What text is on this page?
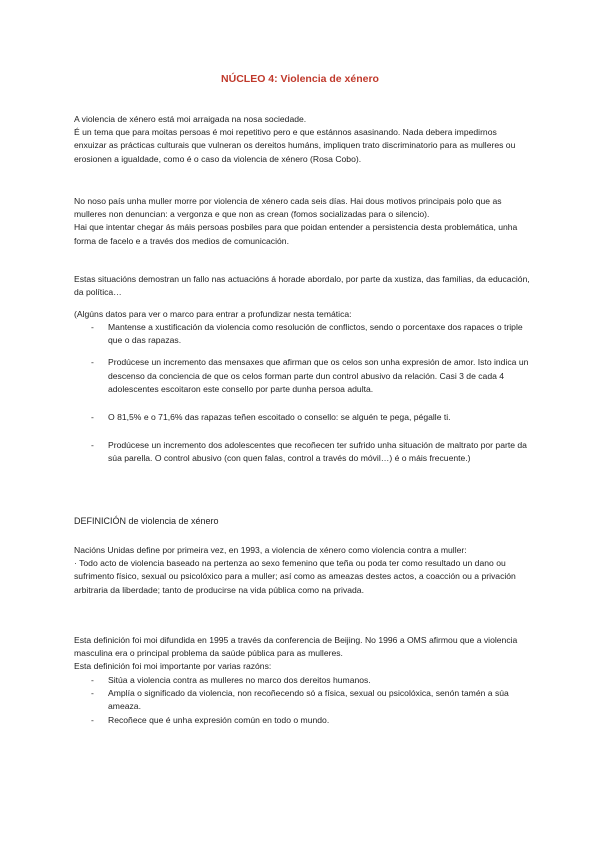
NÚCLEO 4: Violencia de xénero

A violencia de xénero está moi arraigada na nosa sociedade.

É un tema que para moitas persoas é moi repetitivo pero e que estánnos asasinando. Nada debera impedirnos enxuizar as prácticas culturais que vulneran os dereitos humáns, impliquen trato discriminatorio para as mulleres ou erosionen a igualdade, como é o caso da violencia de xénero (Rosa Cobo).

No noso país unha muller morre por violencia de xénero cada seis días. Hai dous motivos principais polo que as mulleres non denuncian: a vergonza e que non as crean (fomos socializadas para o silencio).

Hai que intentar chegar ás máis persoas posbiles para que poidan entender a persistencia desta problemática, unha forma de facelo e a través dos medios de comunicación.

Estas situacións demostran un fallo nas actuacións á horade abordalo, por parte da xustiza, das familias, da educación, da política…
(Algúns datos para ver o marco para entrar a profundizar nesta temática:
- Mantense a xustificación da violencia como resolución de conflictos, sendo o porcentaxe dos rapaces o triple que o das rapazas.
- Prodúcese un incremento das mensaxes que afirman que os celos son unha expresión de amor. Isto indica un descenso da conciencia de que os celos forman parte dun control abusivo da relación. Casi 3 de cada 4 adolescentes escoitaron este consello por parte dunha persoa adulta.
- O 81,5% e o 71,6% das rapazas teñen escoitado o consello: se alguén te pega, pégalle ti.
- Prodúcese un incremento dos adolescentes que recoñecen ter sufrido unha situación de maltrato por parte da súa parella. O control abusivo (con quen falas, control a través do móvil…) é o máis frecuente.)
DEFINICIÓN de violencia de xénero

Nacións Unidas define por primeira vez, en 1993, a violencia de xénero como violencia contra a muller:

· Todo acto de violencia baseado na pertenza ao sexo femenino que teña ou poda ter como resultado un dano ou sufrimento físico, sexual ou psicolóxico para a muller; así como as ameazas destes actos, a coacción ou a privación arbitraria da liberdade; tanto de producirse na vida pública como na privada.

Esta definición foi moi difundida en 1995 a través da conferencia de Beijing. No 1996 a OMS afirmou que a violencia masculina era o principal problema da saúde pública para as mulleres.

Esta definición foi moi importante por varias razóns:

- Sitúa a violencia contra as mulleres no marco dos dereitos humanos.
- Amplía o significado da violencia, non recoñecendo só a física, sexual ou psicolóxica, senón tamén a súa ameaza.
- Recoñece que é unha expresión común en todo o mundo.
